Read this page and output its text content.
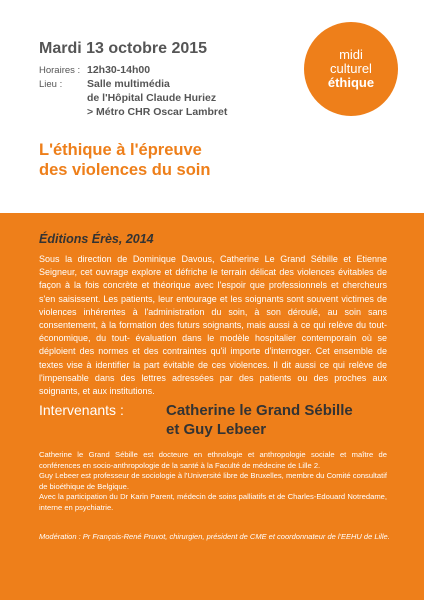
Mardi 13 octobre 2015
Horaires : 12h30-14h00
Lieu : Salle multimédia
de l'Hôpital Claude Huriez
> Métro CHR Oscar Lambret
midi
culturel
éthique
L'éthique à l'épreuve
des violences du soin
Éditions Érès, 2014

Sous la direction de Dominique Davous, Catherine Le Grand Sébille et Etienne Seigneur, cet ouvrage explore et défriche le terrain délicat des violences évitables de façon à la fois concrète et théorique avec l'espoir que professionnels et chercheurs s'en saisissent. Les patients, leur entourage et les soignants sont souvent victimes de violences inhérentes à l'administration du soin, à son déroulé, au soin sans consentement, à la formation des futurs soignants, mais aussi à ce qui relève du tout-économique, du tout- évaluation dans le modèle hospitalier contemporain où se déploient des normes et des contraintes qu'il importe d'interroger. Cet ensemble de textes vise à identifier la part évitable de ces violences. Il dit aussi ce qui relève de l'impensable dans des lettres adressées par des patients ou des proches aux soignants, et aux institutions.

Intervenants :	Catherine le Grand Sébille
et Guy Lebeer

Catherine le Grand Sébille est docteure en ethnologie et anthropologie sociale et maître de conférences en socio-anthropologie de la santé à la Faculté de médecine de Lille 2.

Guy Lebeer est professeur de sociologie à l'Université libre de Bruxelles, membre du Comité consultatif de bioéthique de Belgique.

Avec la participation du Dr Karin Parent, médecin de soins palliatifs et de Charles-Edouard Notredame, interne en psychiatrie.

Modération : Pr François-René Pruvot, chirurgien, président de CME et coordonnateur de l'EEHU de Lille.
